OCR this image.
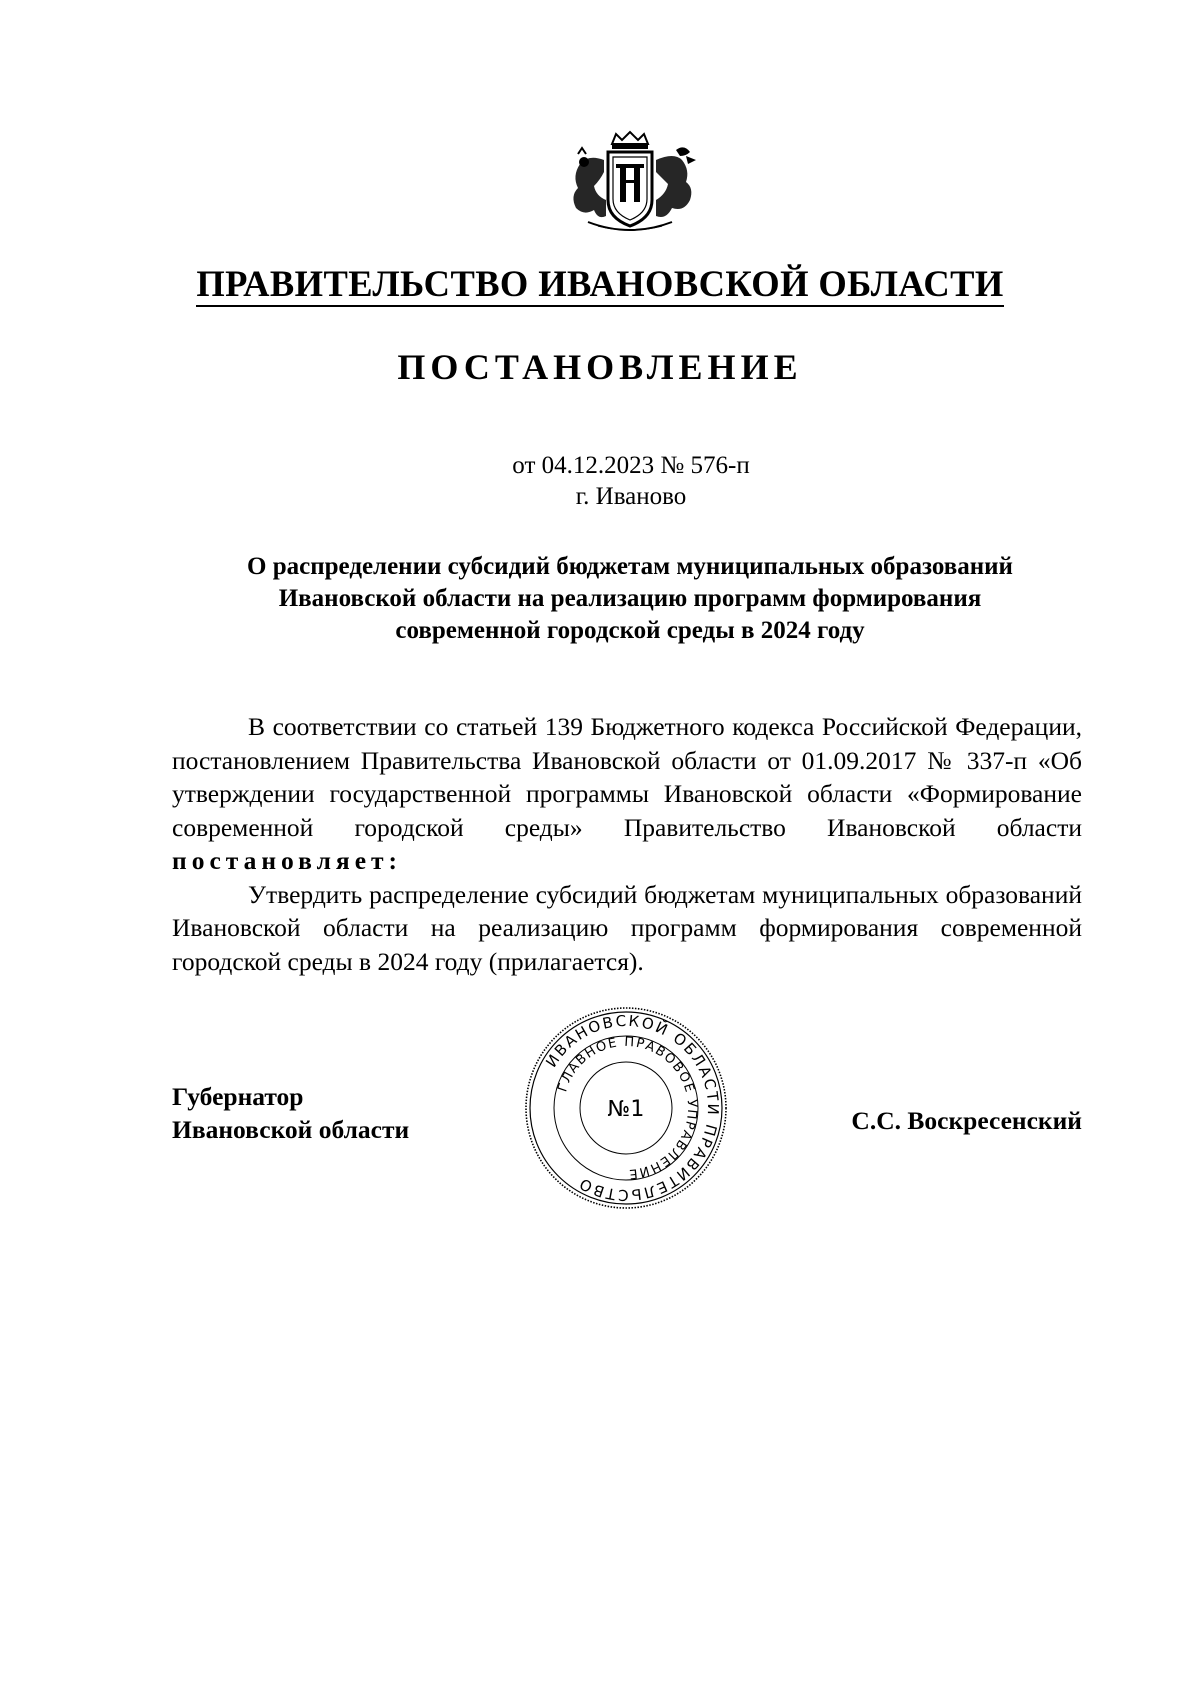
ПРАВИТЕЛЬСТВО ИВАНОВСКОЙ ОБЛАСТИ
ПОСТАНОВЛЕНИЕ
от 04.12.2023 № 576-п
г. Иваново
О распределении субсидий бюджетам муниципальных образований
Ивановской области на реализацию программ формирования
современной городской среды в 2024 году

В соответствии со статьей 139 Бюджетного кодекса Российской Федерации, постановлением Правительства Ивановской области от 01.09.2017 № 337-п «Об утверждении государственной программы Ивановской области «Формирование современной городской среды» Правительство Ивановской области постановляет:

Утвердить распределение субсидий бюджетам муниципальных образований Ивановской области на реализацию программ формирования современной городской среды в 2024 году (прилагается).

Губернатор
Ивановской области
ИВАНОВСКОЙ ОБЛАСТИ ПРАВИТЕЛЬСТВО
ГЛАВНОЕ ПРАВОВОЕ УПРАВЛЕНИЕ
№1	С.С. Воскресенский
